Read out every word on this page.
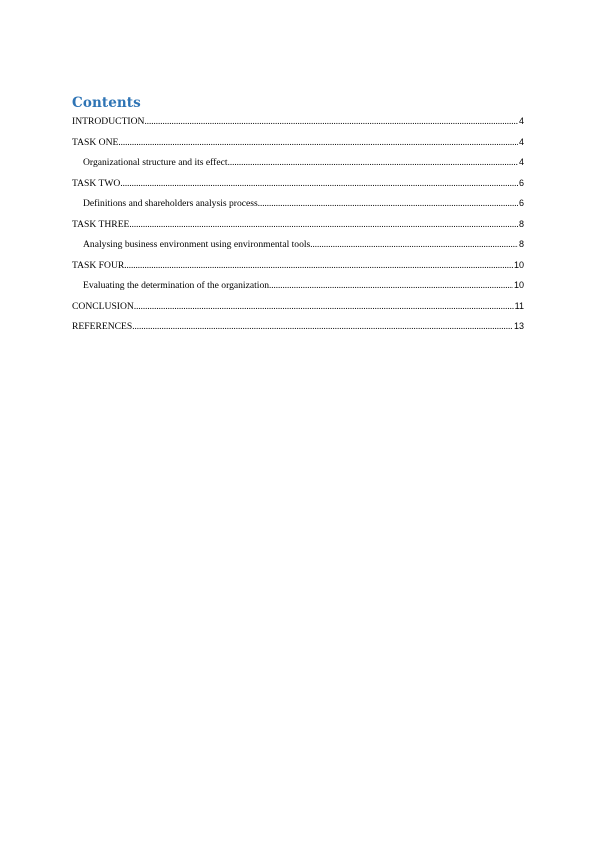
Contents
INTRODUCTION .....	4
TASK ONE .....	4
Organizational structure and its effect .....	4
TASK TWO .....	6
Definitions and shareholders analysis process .....	6
TASK THREE .....	8
Analysing business environment using environmental tools .....	8
TASK FOUR .....	10
Evaluating the determination of the organization .....	10
CONCLUSION .....	11
REFERENCES .....	13
